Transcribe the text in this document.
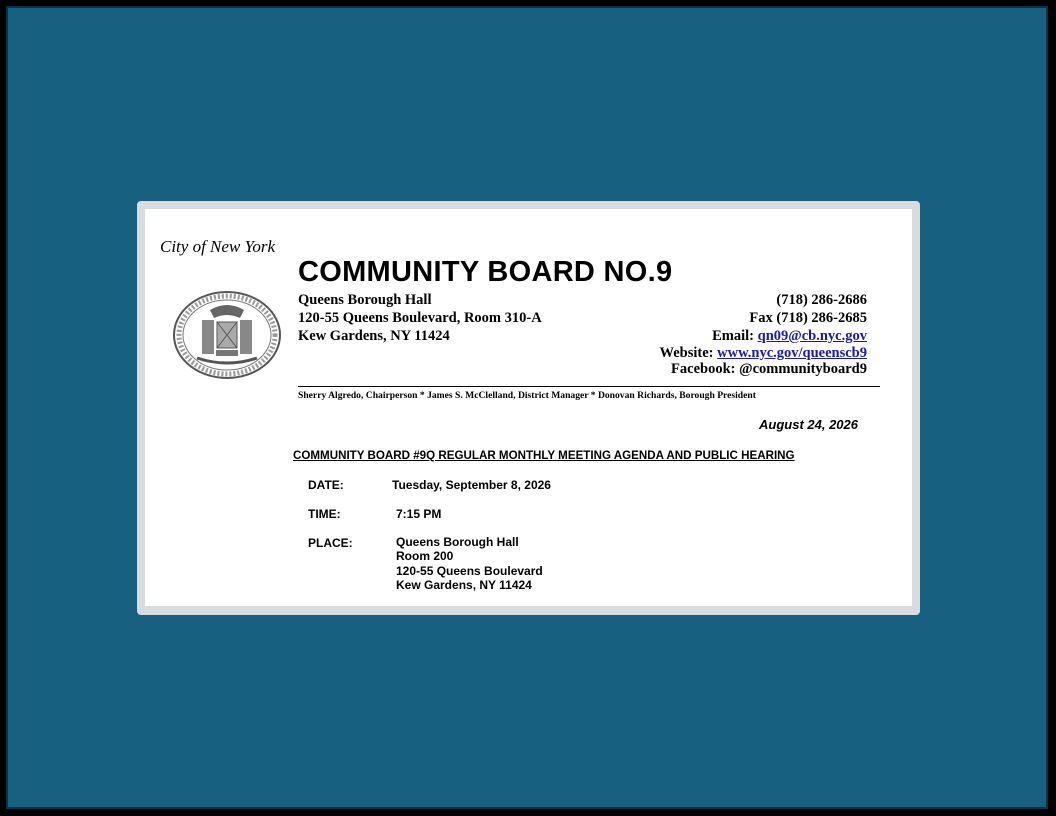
City of New York
COMMUNITY BOARD NO.9
Queens Borough Hall
120-55 Queens Boulevard, Room 310-A
Kew Gardens, NY 11424
(718) 286-2686
Fax (718) 286-2685
Email: qn09@cb.nyc.gov
Website: www.nyc.gov/queenscb9
Facebook: @communityboard9
Sherry Algredo, Chairperson * James S. McClelland, District Manager * Donovan Richards, Borough President
August 24, 2026
COMMUNITY BOARD #9Q REGULAR MONTHLY MEETING AGENDA AND PUBLIC HEARING
DATE:	Tuesday, September 8, 2026
TIME:	7:15 PM
PLACE:	Queens Borough Hall
Room 200
120-55 Queens Boulevard
Kew Gardens, NY 11424
